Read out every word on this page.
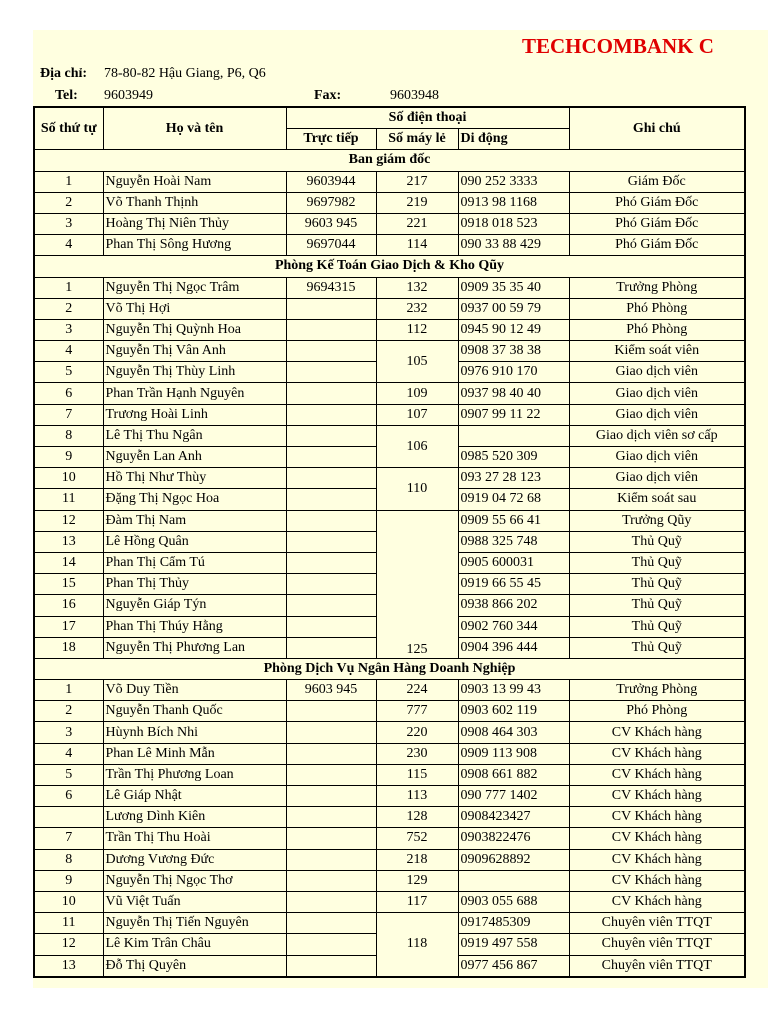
TECHCOMBANK C
Địa chỉ: 78-80-82 Hậu Giang, P6, Q6
Tel: 9603949	Fax:	9603948
Số thứ tự	Họ và tên	Số điện thoại			Ghi chú
		Trực tiếp	Số máy lẻ	Di động	
Ban giám đốc					
1	Nguyễn Hoài Nam	9603944	217	090 252 3333	Giám Đốc
2	Võ Thanh Thịnh	9697982	219	0913 98 1168	Phó Giám Đốc
3	Hoàng Thị Niên Thủy	9603 945	221	0918 018 523	Phó Giám Đốc
4	Phan Thị Sông Hương	9697044	114	090 33 88 429	Phó Giám Đốc
Phòng Kế Toán Giao Dịch & Kho Qũy					
1	Nguyễn Thị Ngọc Trâm	9694315	132	0909 35 35 40	Trưởng Phòng
2	Võ Thị Hợi		232	0937 00 59 79	Phó Phòng
3	Nguyễn Thị Quỳnh Hoa		112	0945 90 12 49	Phó Phòng
4	Nguyễn Thị Vân Anh		105	0908 37 38 38	Kiểm soát viên
5	Nguyễn Thị Thùy Linh			0976 910 170	Giao dịch viên
6	Phan Trần Hạnh Nguyên		109	0937 98 40 40	Giao dịch viên
7	Trương Hoài Linh		107	0907 99 11 22	Giao dịch viên
8	Lê Thị Thu Ngân		106		Giao dịch viên sơ cấp
9	Nguyễn Lan Anh			0985 520 309	Giao dịch viên
10	Hồ Thị Như Thùy		110	093 27 28 123	Giao dịch viên
11	Đặng Thị Ngọc Hoa			0919 04 72 68	Kiểm soát sau
12	Đàm Thị Nam		125	0909 55 66 41	Trưởng Qũy
13	Lê Hồng Quân			0988 325 748	Thủ Quỹ
14	Phan Thị Cẩm Tú			0905 600031	Thủ Quỹ
15	Phan Thị Thủy			0919 66 55 45	Thủ Quỹ
16	Nguyễn Giáp Týn			0938 866 202	Thủ Quỹ
17	Phan Thị Thúy Hằng			0902 760 344	Thủ Quỹ
18	Nguyễn Thị Phương Lan			0904 396 444	Thủ Quỹ
Phòng Dịch Vụ Ngân Hàng Doanh Nghiệp					
1	Võ Duy Tiền	9603 945	224	0903 13 99 43	Trưởng Phòng
2	Nguyễn Thanh Quốc		777	0903 602 119	Phó Phòng
3	Hùynh Bích Nhi		220	0908 464 303	CV Khách hàng
4	Phan Lê Minh Mẫn		230	0909 113 908	CV Khách hàng
5	Trần Thị Phương Loan		115	0908 661 882	CV Khách hàng
6	Lê Giáp Nhật		113	090 777 1402	CV Khách hàng
	Lương Dình Kiên		128	0908423427	CV Khách hàng
7	Trần Thị Thu Hoài		752	0903822476	CV Khách hàng
8	Dương Vương Đức		218	0909628892	CV Khách hàng
9	Nguyễn Thị Ngọc Thơ		129		CV Khách hàng
10	Vũ Việt Tuấn		117	0903 055 688	CV Khách hàng
11	Nguyễn Thị Tiến Nguyên		118	0917485309	Chuyên viên TTQT
12	Lê Kim Trân Châu			0919 497 558	Chuyên viên TTQT
13	Đỗ Thị Quyên			0977 456 867	Chuyên viên TTQT
